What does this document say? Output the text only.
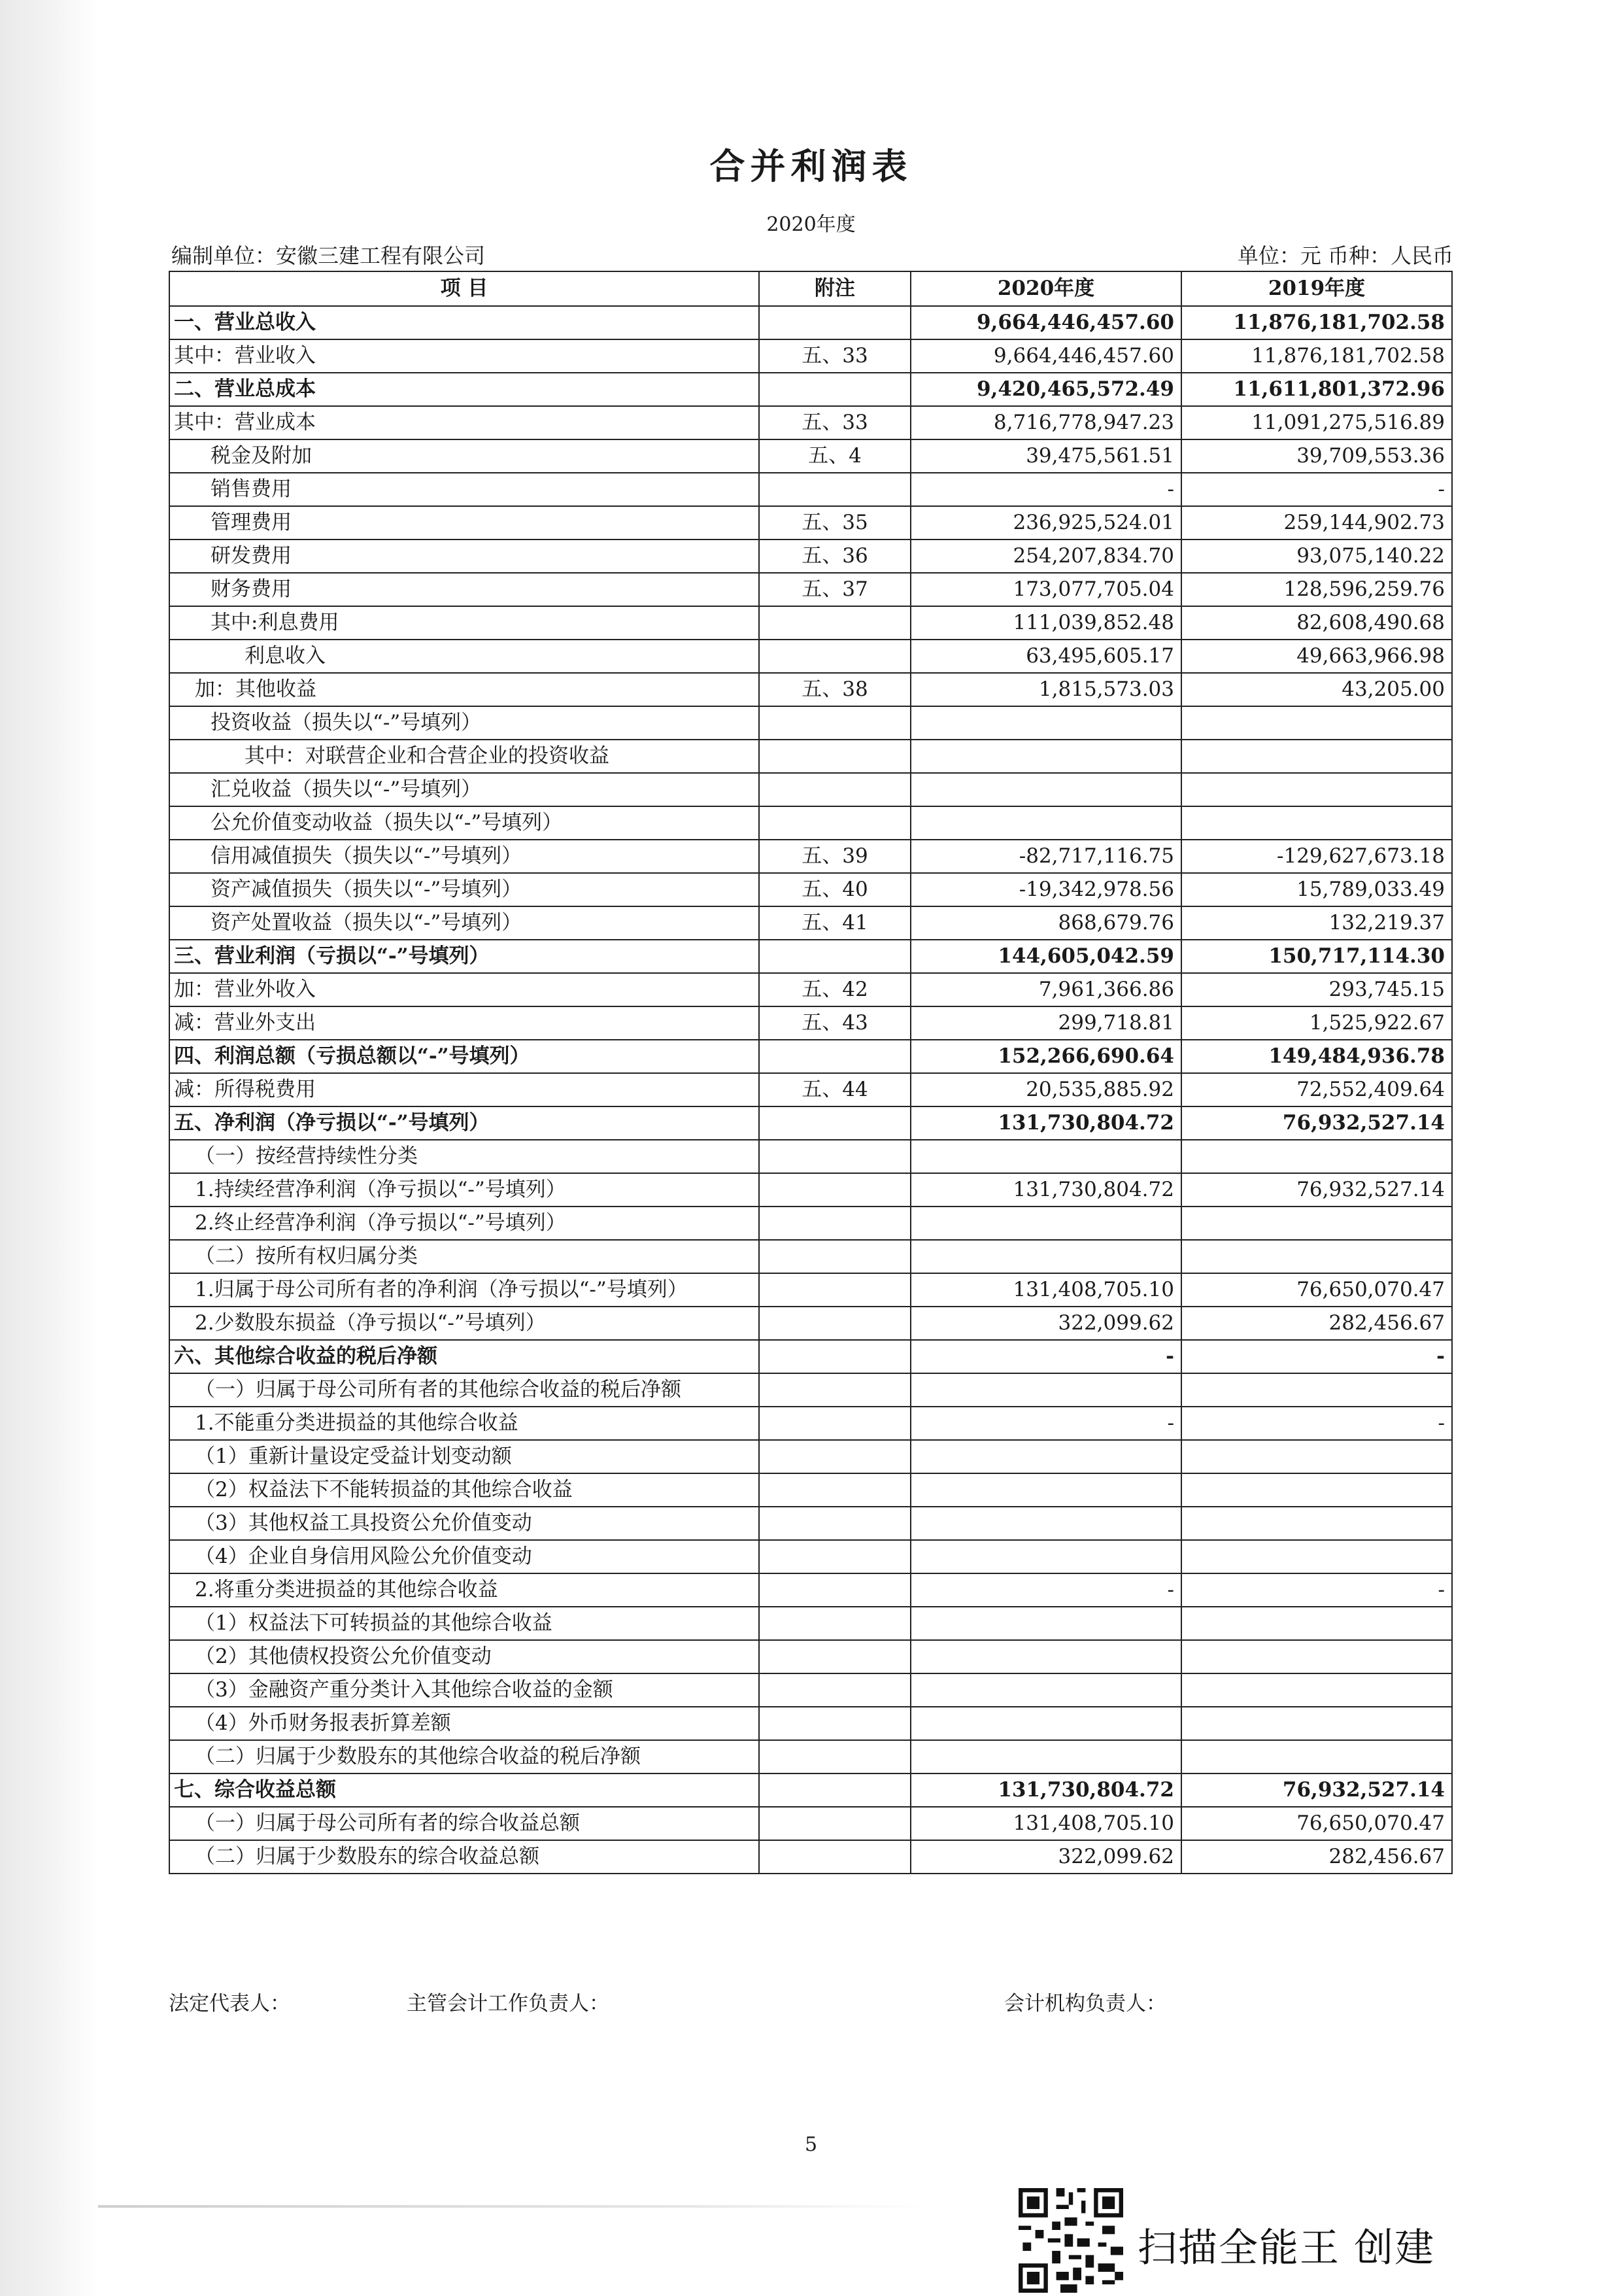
合并利润表
2020年度
编制单位：安徽三建工程有限公司	单位：元 币种：人民币
项 目	附注	2020年度	2019年度
一、营业总收入		9,664,446,457.60	11,876,181,702.58
其中：营业收入	五、33	9,664,446,457.60	11,876,181,702.58
二、营业总成本		9,420,465,572.49	11,611,801,372.96
其中：营业成本	五、33	8,716,778,947.23	11,091,275,516.89
税金及附加	五、4	39,475,561.51	39,709,553.36
销售费用		-	-
管理费用	五、35	236,925,524.01	259,144,902.73
研发费用	五、36	254,207,834.70	93,075,140.22
财务费用	五、37	173,077,705.04	128,596,259.76
其中:利息费用		111,039,852.48	82,608,490.68
利息收入		63,495,605.17	49,663,966.98
加：其他收益	五、38	1,815,573.03	43,205.00
投资收益（损失以“-”号填列）			
其中：对联营企业和合营企业的投资收益			
汇兑收益（损失以“-”号填列）			
公允价值变动收益（损失以“-”号填列）			
信用减值损失（损失以“-”号填列）	五、39	-82,717,116.75	-129,627,673.18
资产减值损失（损失以“-”号填列）	五、40	-19,342,978.56	15,789,033.49
资产处置收益（损失以“-”号填列）	五、41	868,679.76	132,219.37
三、营业利润（亏损以“-”号填列）		144,605,042.59	150,717,114.30
加：营业外收入	五、42	7,961,366.86	293,745.15
减：营业外支出	五、43	299,718.81	1,525,922.67
四、利润总额（亏损总额以“-”号填列）		152,266,690.64	149,484,936.78
减：所得税费用	五、44	20,535,885.92	72,552,409.64
五、净利润（净亏损以“-”号填列）		131,730,804.72	76,932,527.14
（一）按经营持续性分类			
1.持续经营净利润（净亏损以“-”号填列）		131,730,804.72	76,932,527.14
2.终止经营净利润（净亏损以“-”号填列）			
（二）按所有权归属分类			
1.归属于母公司所有者的净利润（净亏损以“-”号填列）		131,408,705.10	76,650,070.47
2.少数股东损益（净亏损以“-”号填列）		322,099.62	282,456.67
六、其他综合收益的税后净额		-	-
（一）归属于母公司所有者的其他综合收益的税后净额			
1.不能重分类进损益的其他综合收益		-	-
（1）重新计量设定受益计划变动额			
（2）权益法下不能转损益的其他综合收益			
（3）其他权益工具投资公允价值变动			
（4）企业自身信用风险公允价值变动			
2.将重分类进损益的其他综合收益		-	-
（1）权益法下可转损益的其他综合收益			
（2）其他债权投资公允价值变动			
（3）金融资产重分类计入其他综合收益的金额			
（4）外币财务报表折算差额			
（二）归属于少数股东的其他综合收益的税后净额			
七、综合收益总额		131,730,804.72	76,932,527.14
（一）归属于母公司所有者的综合收益总额		131,408,705.10	76,650,070.47
（二）归属于少数股东的综合收益总额		322,099.62	282,456.67
法定代表人：	主管会计工作负责人：	会计机构负责人：
5
扫描全能王 创建
